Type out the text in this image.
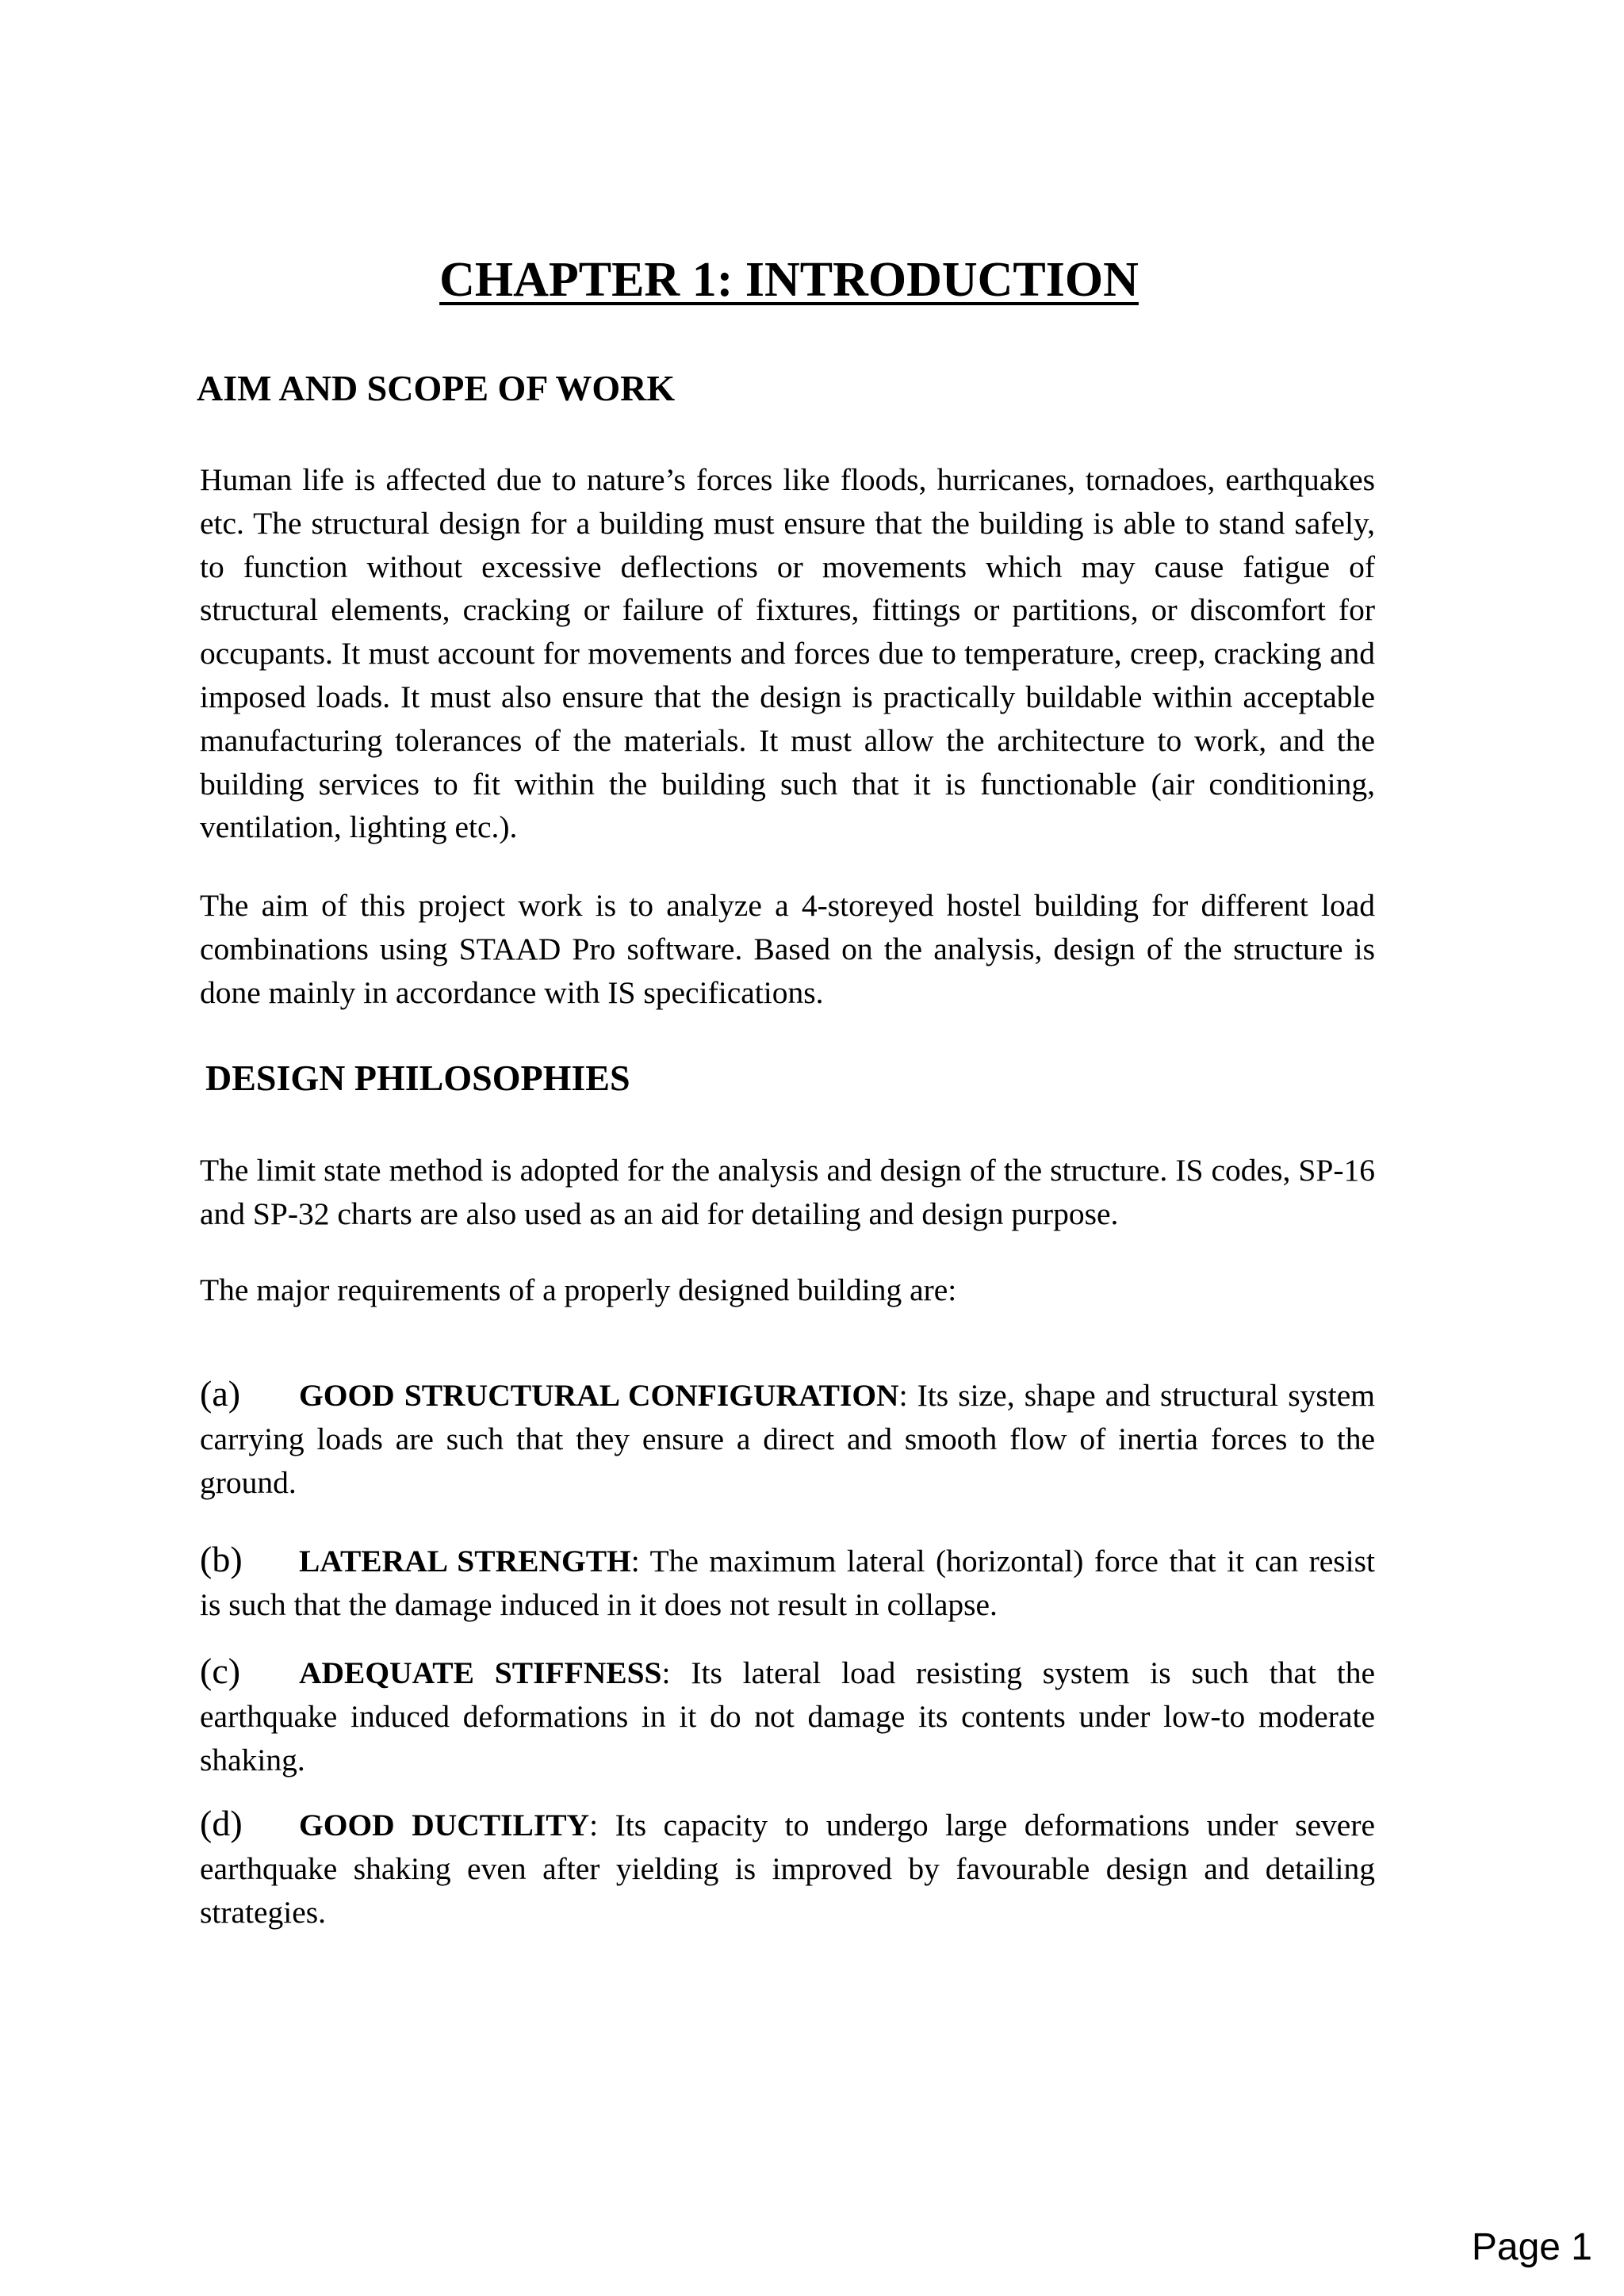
CHAPTER 1: INTRODUCTION
AIM AND SCOPE OF WORK

Human life is affected due to nature’s forces like floods, hurricanes, tornadoes, earthquakes etc. The structural design for a building must ensure that the building is able to stand safely, to function without excessive deflections or movements which may cause fatigue of structural elements, cracking or failure of fixtures, fittings or partitions, or discomfort for occupants. It must account for movements and forces due to temperature, creep, cracking and imposed loads. It must also ensure that the design is practically buildable within acceptable manufacturing tolerances of the materials. It must allow the architecture to work, and the building services to fit within the building such that it is functionable (air conditioning, ventilation, lighting etc.).

The aim of this project work is to analyze a 4-storeyed hostel building for different load combinations using STAAD Pro software. Based on the analysis, design of the structure is done mainly in accordance with IS specifications.

DESIGN PHILOSOPHIES

The limit state method is adopted for the analysis and design of the structure. IS codes, SP-16 and SP-32 charts are also used as an aid for detailing and design purpose.

The major requirements of a properly designed building are:

(a) GOOD STRUCTURAL CONFIGURATION: Its size, shape and structural system carrying loads are such that they ensure a direct and smooth flow of inertia forces to the ground.

(b) LATERAL STRENGTH: The maximum lateral (horizontal) force that it can resist is such that the damage induced in it does not result in collapse.

(c) ADEQUATE STIFFNESS: Its lateral load resisting system is such that the earthquake induced deformations in it do not damage its contents under low-to moderate shaking.

(d) GOOD DUCTILITY: Its capacity to undergo large deformations under severe earthquake shaking even after yielding is improved by favourable design and detailing strategies.

Page 1
